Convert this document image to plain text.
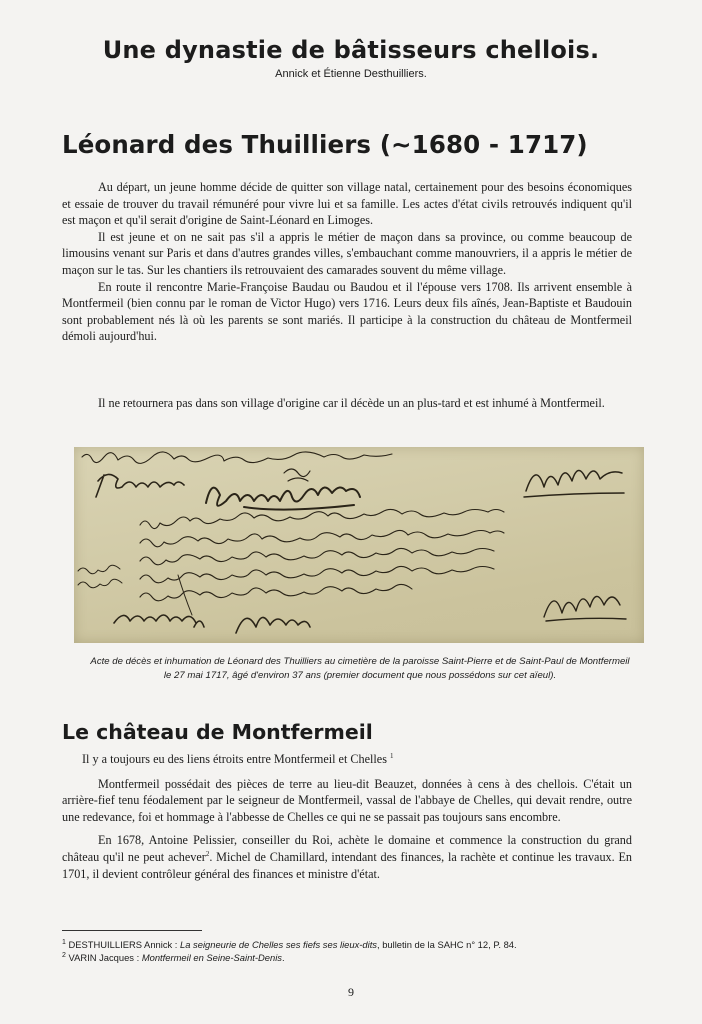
Une dynastie de bâtisseurs chellois.
Annick et Étienne Desthuilliers.
Léonard des Thuilliers (~1680 - 1717)

Au départ, un jeune homme décide de quitter son village natal, certainement pour des besoins économiques et essaie de trouver du travail rémunéré pour vivre lui et sa famille. Les actes d'état civils retrouvés indiquent qu'il est maçon et qu'il serait d'origine de Saint-Léonard en Limoges.

Il est jeune et on ne sait pas s'il a appris le métier de maçon dans sa province, ou comme beaucoup de limousins venant sur Paris et dans d'autres grandes villes, s'embauchant comme manouvriers, il a appris le métier de maçon sur le tas. Sur les chantiers ils retrouvaient des camarades souvent du même village.

En route il rencontre Marie-Françoise Baudau ou Baudou et il l'épouse vers 1708. Ils arrivent ensemble à Montfermeil (bien connu par le roman de Victor Hugo) vers 1716. Leurs deux fils aînés, Jean-Baptiste et Baudouin sont probablement nés là où les parents se sont mariés. Il participe à la construction du château de Montfermeil démoli aujourd'hui.

Il ne retournera pas dans son village d'origine car il décède un an plus-tard et est inhumé à Montfermeil.

Acte de décès et inhumation de Léonard des Thuilliers au cimetière de la paroisse Saint-Pierre et de Saint-Paul de Montfermeil le 27 mai 1717, âgé d'environ 37 ans (premier document que nous possédons sur cet aïeul).
Le château de Montfermeil

Il y a toujours eu des liens étroits entre Montfermeil et Chelles $^1$

Montfermeil possédait des pièces de terre au lieu-dit Beauzet, données à cens à des chellois. C'était un arrière-fief tenu féodalement par le seigneur de Montfermeil, vassal de l'abbaye de Chelles, qui devait rendre, outre une redevance, foi et hommage à l'abbesse de Chelles ce qui ne se passait pas toujours sans encombre.

En 1678, Antoine Pelissier, conseiller du Roi, achète le domaine et commence la construction du grand château qu'il ne peut achever$^2$. Michel de Chamillard, intendant des finances, la rachète et continue les travaux. En 1701, il devient contrôleur général des finances et ministre d'état.

$^1$ DESTHUILLIERS Annick : La seigneurie de Chelles ses fiefs ses lieux-dits, bulletin de la SAHC n° 12, P. 84.
$^2$ VARIN Jacques : Montfermeil en Seine-Saint-Denis.
9
